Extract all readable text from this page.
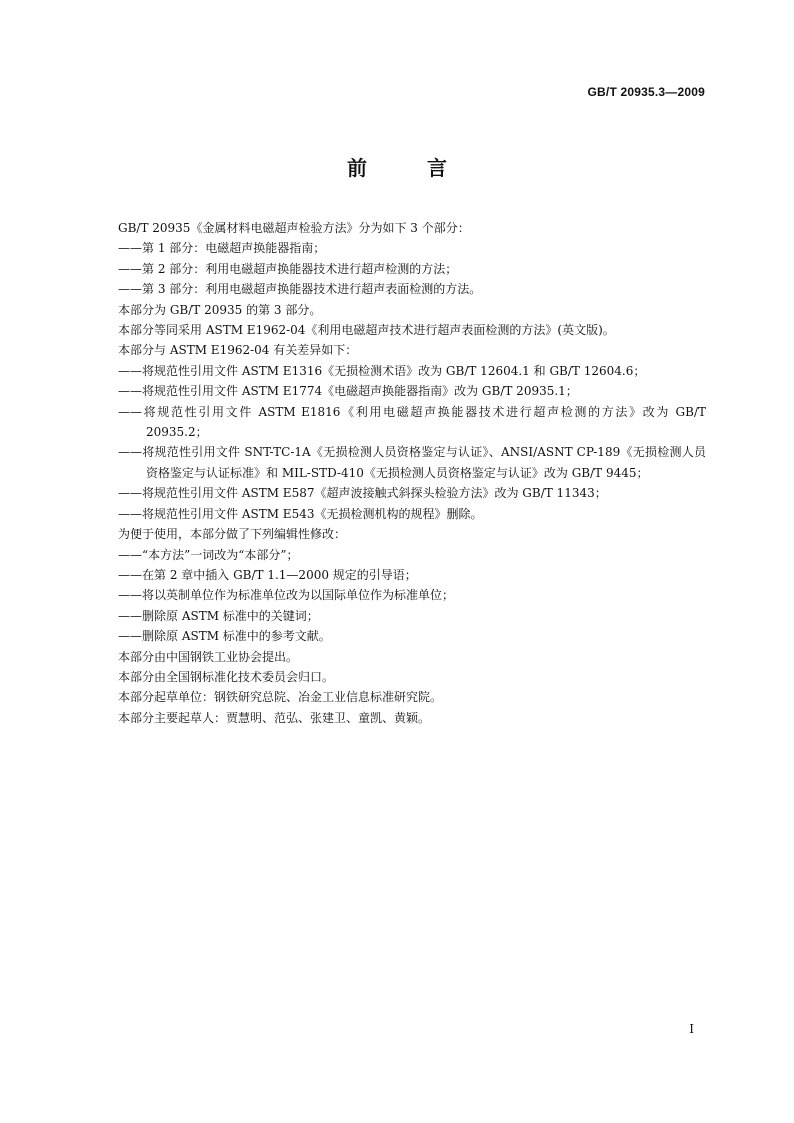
GB/T 20935.3—2009
前　言

GB/T 20935《金属材料电磁超声检验方法》分为如下 3 个部分：

——第 1 部分：电磁超声换能器指南；

——第 2 部分：利用电磁超声换能器技术进行超声检测的方法；

——第 3 部分：利用电磁超声换能器技术进行超声表面检测的方法。

本部分为 GB/T 20935 的第 3 部分。

本部分等同采用 ASTM E1962-04《利用电磁超声技术进行超声表面检测的方法》(英文版)。

本部分与 ASTM E1962-04 有关差异如下：

——将规范性引用文件 ASTM E1316《无损检测术语》改为 GB/T 12604.1 和 GB/T 12604.6；

——将规范性引用文件 ASTM E1774《电磁超声换能器指南》改为 GB/T 20935.1；

——将规范性引用文件 ASTM E1816《利用电磁超声换能器技术进行超声检测的方法》改为 GB/T 20935.2；

——将规范性引用文件 SNT-TC-1A《无损检测人员资格鉴定与认证》、ANSI/ASNT CP-189《无损检测人员资格鉴定与认证标准》和 MIL-STD-410《无损检测人员资格鉴定与认证》改为 GB/T 9445；

——将规范性引用文件 ASTM E587《超声波接触式斜探头检验方法》改为 GB/T 11343；

——将规范性引用文件 ASTM E543《无损检测机构的规程》删除。

为便于使用，本部分做了下列编辑性修改：

——“本方法”一词改为“本部分”；

——在第 2 章中插入 GB/T 1.1—2000 规定的引导语；

——将以英制单位作为标准单位改为以国际单位作为标准单位；

——删除原 ASTM 标准中的关键词；

——删除原 ASTM 标准中的参考文献。

本部分由中国钢铁工业协会提出。

本部分由全国钢标准化技术委员会归口。

本部分起草单位：钢铁研究总院、冶金工业信息标准研究院。

本部分主要起草人：贾慧明、范弘、张建卫、童凯、黄颖。

I
